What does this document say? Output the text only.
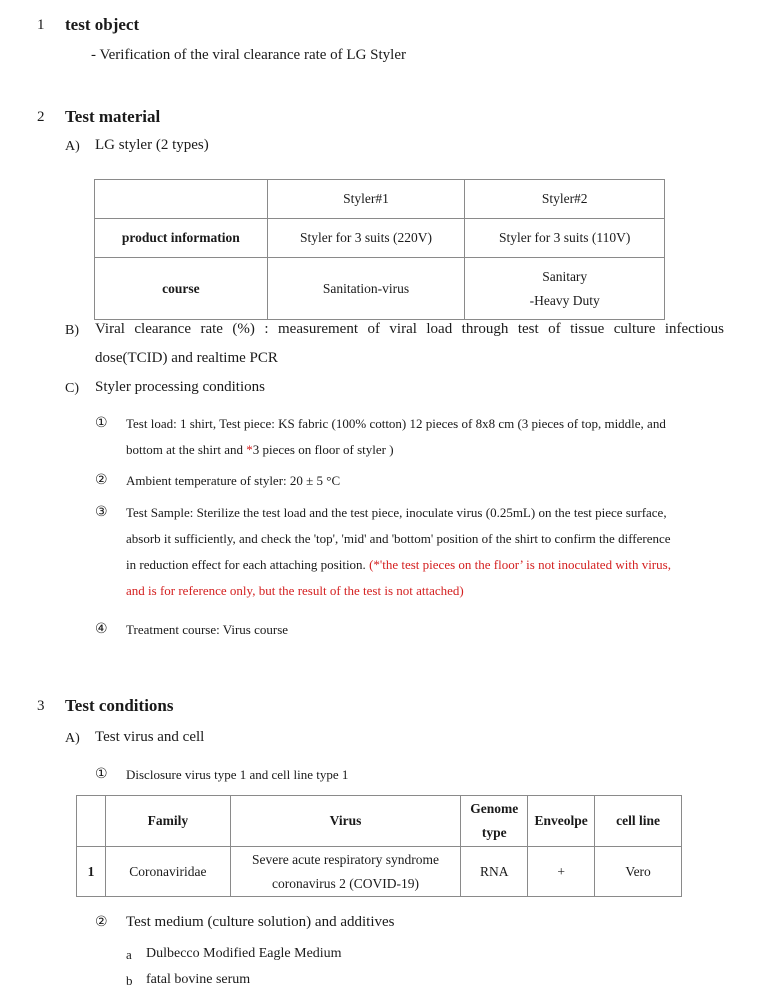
1 test object
- Verification of the viral clearance rate of LG Styler
2 Test material
A) LG styler (2 types)
	Styler#1	Styler#2
product information	Styler for 3 suits (220V)	Styler for 3 suits (110V)
course	Sanitation-virus	Sanitary
-Heavy Duty
B) Viral clearance rate (%) : measurement of viral load through test of tissue culture infectious
dose(TCID) and realtime PCR
C) Styler processing conditions
① Test load: 1 shirt, Test piece: KS fabric (100% cotton) 12 pieces of 8x8 cm (3 pieces of top, middle, and
bottom at the shirt and *3 pieces on floor of styler )
② Ambient temperature of styler: 20 ± 5 °C
③ Test Sample: Sterilize the test load and the test piece, inoculate virus (0.25mL) on the test piece surface,
absorb it sufficiently, and check the 'top', 'mid' and 'bottom' position of the shirt to confirm the difference
in reduction effect for each attaching position. (*'the test pieces on the floor’ is not inoculated with virus,
and is for reference only, but the result of the test is not attached)
④ Treatment course: Virus course
3 Test conditions
A) Test virus and cell
① Disclosure virus type 1 and cell line type 1
	Family	Virus	Genome
type	Enveolpe	cell line
1	Coronaviridae	Severe acute respiratory syndrome
coronavirus 2 (COVID-19)	RNA	+	Vero
② Test medium (culture solution) and additives
a Dulbecco Modified Eagle Medium
b fatal bovine serum
